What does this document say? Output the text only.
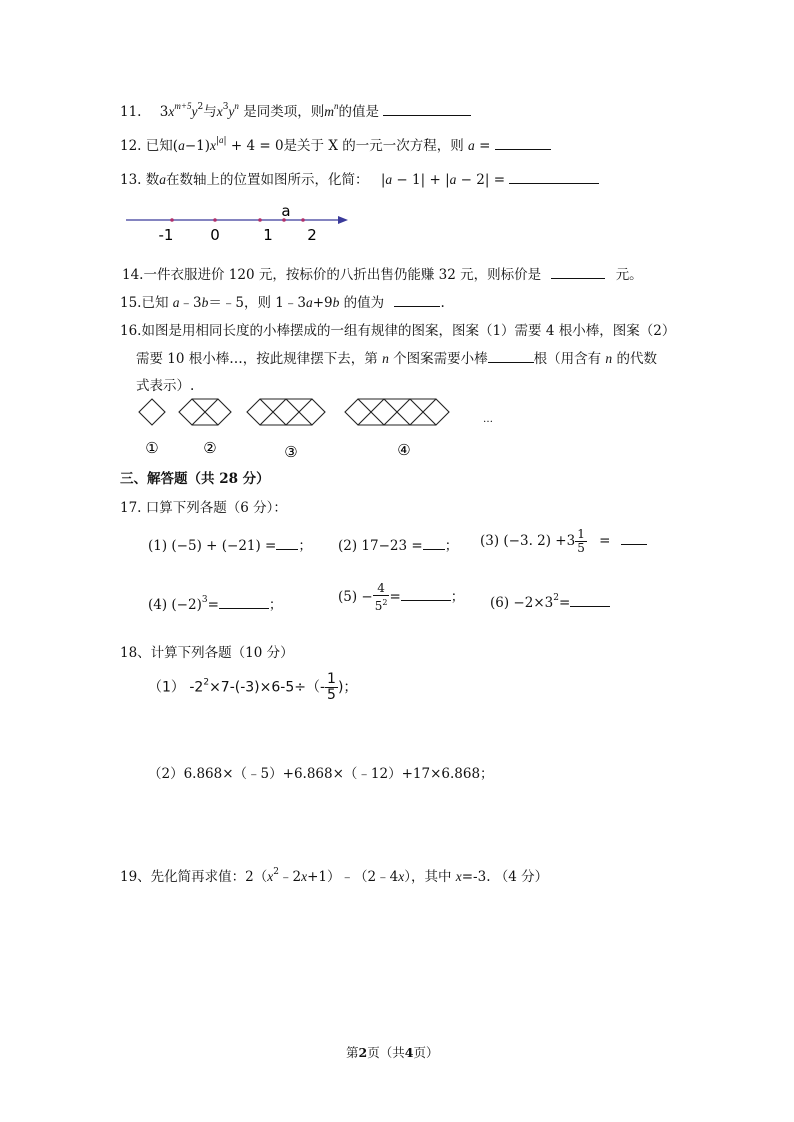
11. $3x^{m+5}y^2$与$x^3y^n$ 是同类项，则$m^n$的值是
12. 已知$(a-1)x^{|a|} + 4 = 0$是关于 X 的一元一次方程，则 a =
13. 数a在数轴上的位置如图所示，化简： |a − 1| + |a − 2| =
a
-1 0	1 2
14.一件衣服进价 120 元，按标价的八折出售仍能赚 32 元，则标价是	元。
15.已知 a﹣3b＝﹣5，则 1﹣3a+9b 的值为	.
16.如图是用相同长度的小棒摆成的一组有规律的图案，图案（1）需要 4 根小棒，图案（2）
需要 10 根小棒…，按此规律摆下去，第 n 个图案需要小棒	根（用含有 n 的代数
式表示）.
①	②	③	④
…
三、解答题（共 28 分）
17. 口算下列各题（6 分）：
(1) (−5) + (−21) = ； (2) 17−23 = ； (3) (−3. $2) +3 \frac{1}{5}$ =
(4) $(-2)^3=$	；	$(5) - \frac{4}{5^2}$ =	； $(6) -2\times 3^2=$
18、计算下列各题（10 分）
（1） $-2^2\times 7-(-3)\times 6-5\div(- \frac{1}{5}$ )；
（2）6.868×（﹣5）+6.868×（﹣12）+17×6.868；
19、先化简再求值：$2(x^2﹣2x+1)﹣(2﹣4x)$，其中 x=-3. （4 分）
第2页（共4页）
